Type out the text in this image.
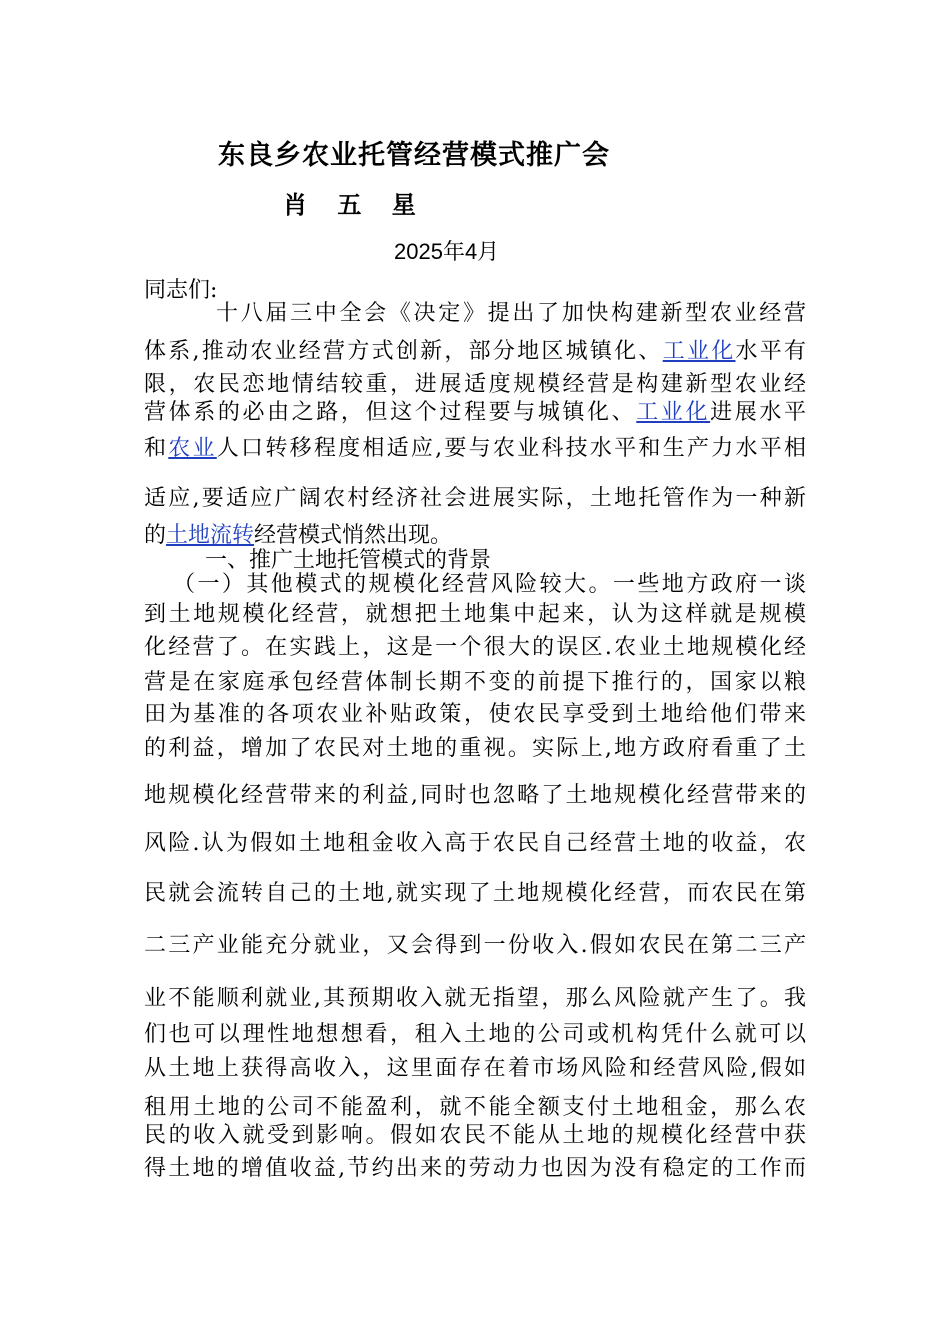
东良乡农业托管经营模式推广会
肖 五 星
2025年4月
同志们:
十八届三中全会《决定》提出了加快构建新型农业经营
体系,推动农业经营方式创新，部分地区城镇化、工业化水平有
限，农民恋地情结较重，进展适度规模经营是构建新型农业经
营体系的必由之路，但这个过程要与城镇化、工业化进展水平
和农业人口转移程度相适应,要与农业科技水平和生产力水平相
适应,要适应广阔农村经济社会进展实际，土地托管作为一种新
的土地流转经营模式悄然出现。
一、推广土地托管模式的背景
（一）其他模式的规模化经营风险较大。一些地方政府一谈
到土地规模化经营，就想把土地集中起来，认为这样就是规模
化经营了。在实践上，这是一个很大的误区.农业土地规模化经
营是在家庭承包经营体制长期不变的前提下推行的，国家以粮
田为基准的各项农业补贴政策，使农民享受到土地给他们带来
的利益，增加了农民对土地的重视。实际上,地方政府看重了土
地规模化经营带来的利益,同时也忽略了土地规模化经营带来的
风险.认为假如土地租金收入高于农民自己经营土地的收益，农
民就会流转自己的土地,就实现了土地规模化经营，而农民在第
二三产业能充分就业，又会得到一份收入.假如农民在第二三产
业不能顺利就业,其预期收入就无指望，那么风险就产生了。我
们也可以理性地想想看，租入土地的公司或机构凭什么就可以
从土地上获得高收入，这里面存在着市场风险和经营风险,假如
租用土地的公司不能盈利，就不能全额支付土地租金，那么农
民的收入就受到影响。假如农民不能从土地的规模化经营中获
得土地的增值收益,节约出来的劳动力也因为没有稳定的工作而
